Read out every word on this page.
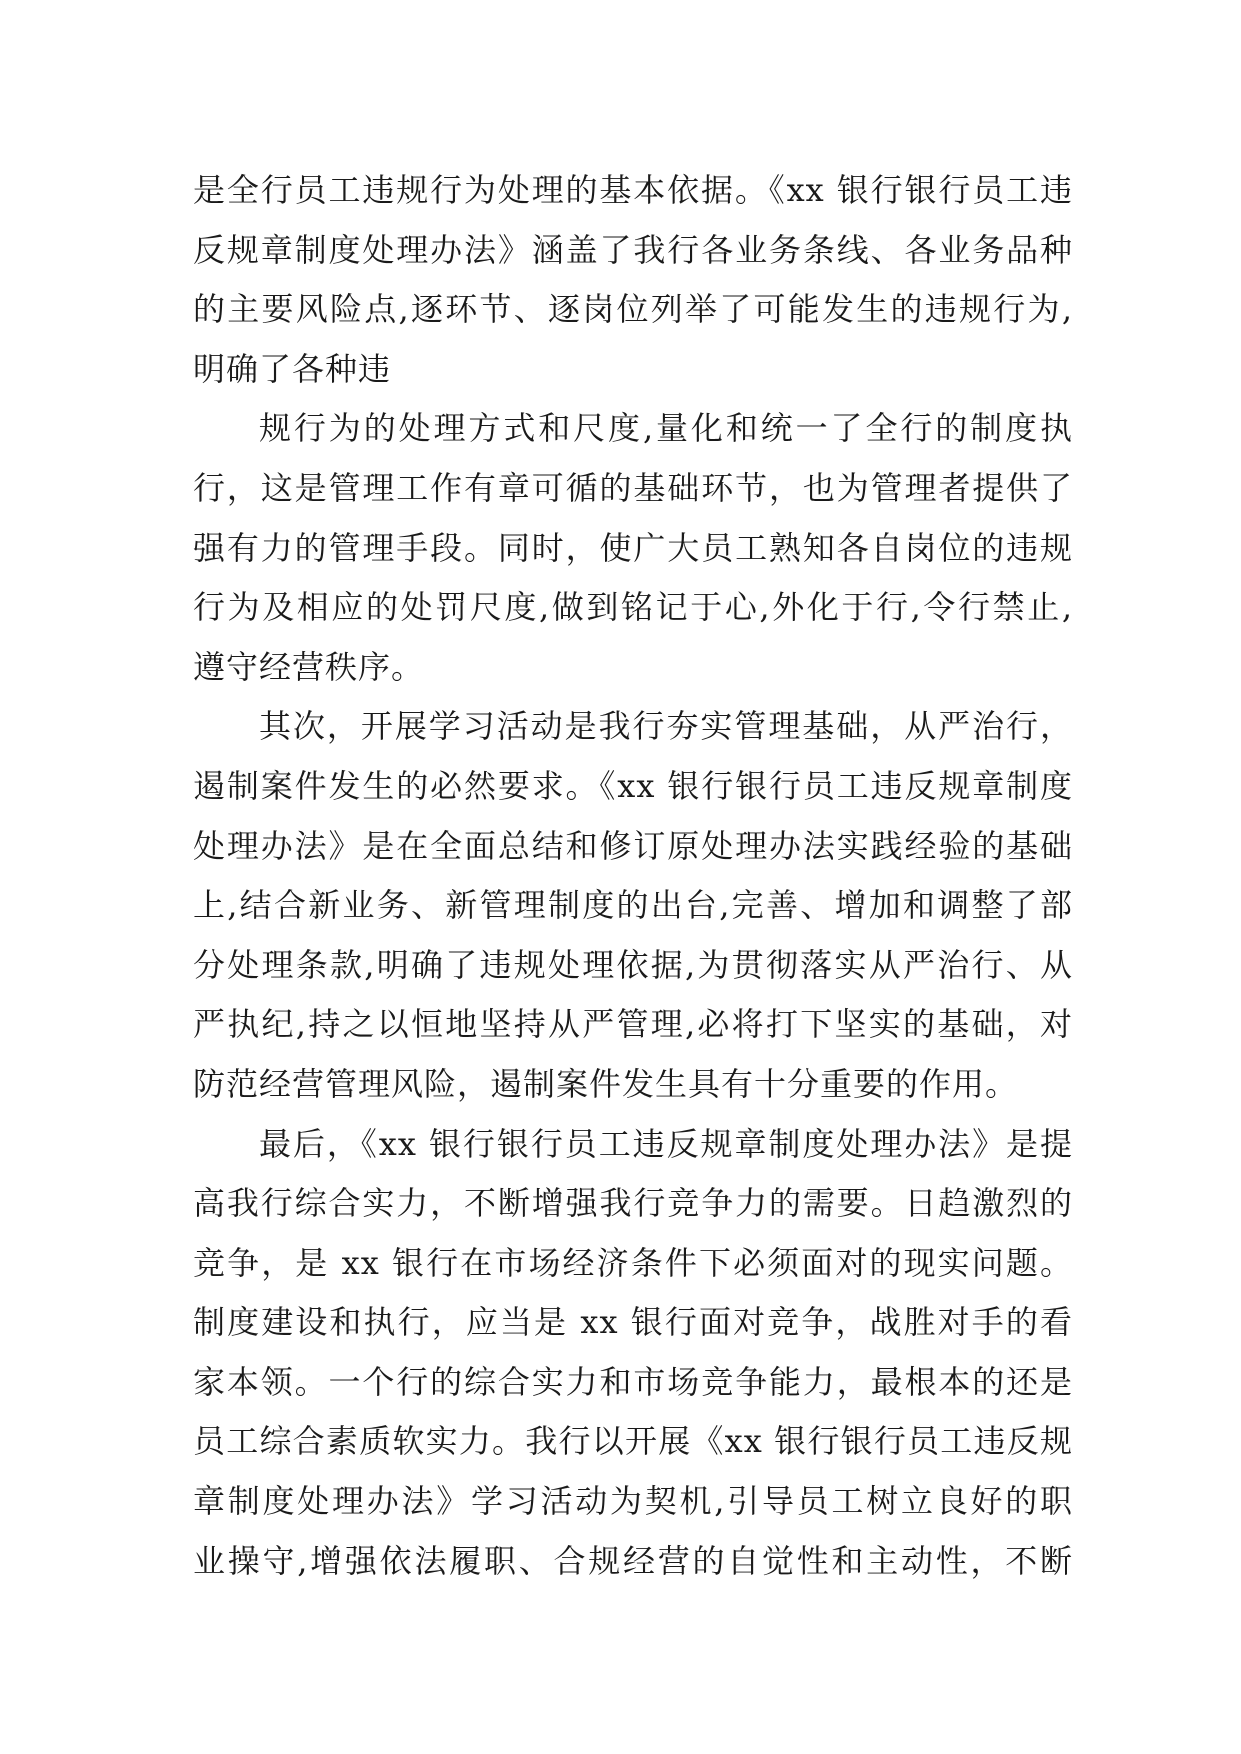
是全行员工违规行为处理的基本依据。《xx 银行银行员工违
反规章制度处理办法》涵盖了我行各业务条线、各业务品种
的主要风险点,逐环节、逐岗位列举了可能发生的违规行为,
明确了各种违
规行为的处理方式和尺度,量化和统一了全行的制度执
行，这是管理工作有章可循的基础环节，也为管理者提供了
强有力的管理手段。同时，使广大员工熟知各自岗位的违规
行为及相应的处罚尺度,做到铭记于心,外化于行,令行禁止,
遵守经营秩序。
其次，开展学习活动是我行夯实管理基础，从严治行，
遏制案件发生的必然要求。《xx 银行银行员工违反规章制度
处理办法》是在全面总结和修订原处理办法实践经验的基础
上,结合新业务、新管理制度的出台,完善、增加和调整了部
分处理条款,明确了违规处理依据,为贯彻落实从严治行、从
严执纪,持之以恒地坚持从严管理,必将打下坚实的基础，对
防范经营管理风险，遏制案件发生具有十分重要的作用。
最后，《xx 银行银行员工违反规章制度处理办法》是提
高我行综合实力，不断增强我行竞争力的需要。日趋激烈的
竞争，是 xx 银行在市场经济条件下必须面对的现实问题。
制度建设和执行，应当是 xx 银行面对竞争，战胜对手的看
家本领。一个行的综合实力和市场竞争能力，最根本的还是
员工综合素质软实力。我行以开展《xx 银行银行员工违反规
章制度处理办法》学习活动为契机,引导员工树立良好的职
业操守,增强依法履职、合规经营的自觉性和主动性，不断
